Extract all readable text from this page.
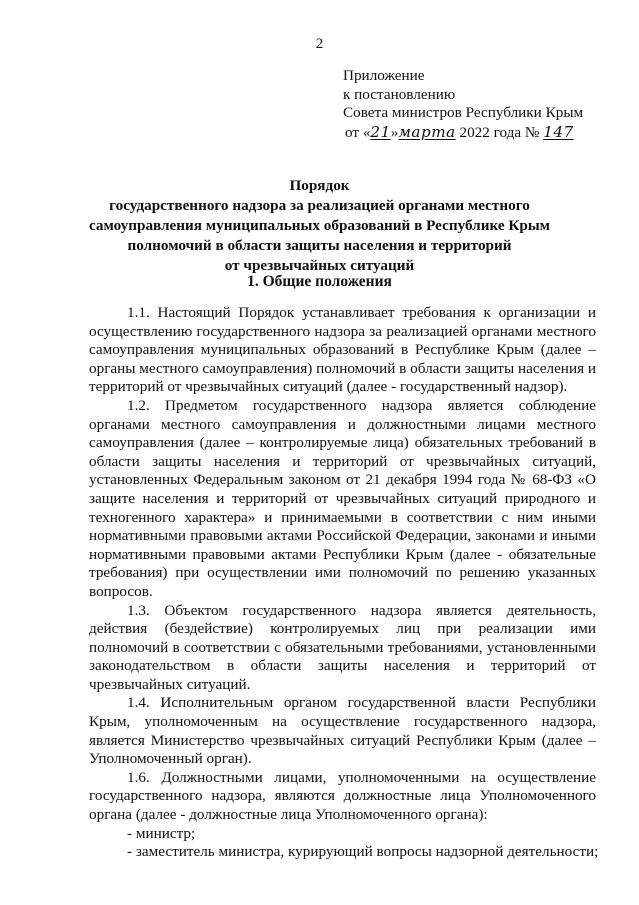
2
Приложение
к постановлению
Совета министров Республики Крым
от «21»марта 2022 года № 147
Порядок
государственного надзора за реализацией органами местного
самоуправления муниципальных образований в Республике Крым
полномочий в области защиты населения и территорий
от чрезвычайных ситуаций
1. Общие положения

1.1. Настоящий Порядок устанавливает требования к организации и осуществлению государственного надзора за реализацией органами местного самоуправления муниципальных образований в Республике Крым (далее – органы местного самоуправления) полномочий в области защиты населения и территорий от чрезвычайных ситуаций (далее - государственный надзор).

1.2. Предметом государственного надзора является соблюдение органами местного самоуправления и должностными лицами местного самоуправления (далее – контролируемые лица) обязательных требований в области защиты населения и территорий от чрезвычайных ситуаций, установленных Федеральным законом от 21 декабря 1994 года № 68-ФЗ «О защите населения и территорий от чрезвычайных ситуаций природного и техногенного характера» и принимаемыми в соответствии с ним иными нормативными правовыми актами Российской Федерации, законами и иными нормативными правовыми актами Республики Крым (далее - обязательные требования) при осуществлении ими полномочий по решению указанных вопросов.

1.3. Объектом государственного надзора является деятельность, действия (бездействие) контролируемых лиц при реализации ими полномочий в соответствии с обязательными требованиями, установленными законодательством в области защиты населения и территорий от чрезвычайных ситуаций.

1.4. Исполнительным органом государственной власти Республики Крым, уполномоченным на осуществление государственного надзора, является Министерство чрезвычайных ситуаций Республики Крым (далее – Уполномоченный орган).

1.6. Должностными лицами, уполномоченными на осуществление государственного надзора, являются должностные лица Уполномоченного органа (далее - должностные лица Уполномоченного органа):

- министр;

- заместитель министра, курирующий вопросы надзорной деятельности;
